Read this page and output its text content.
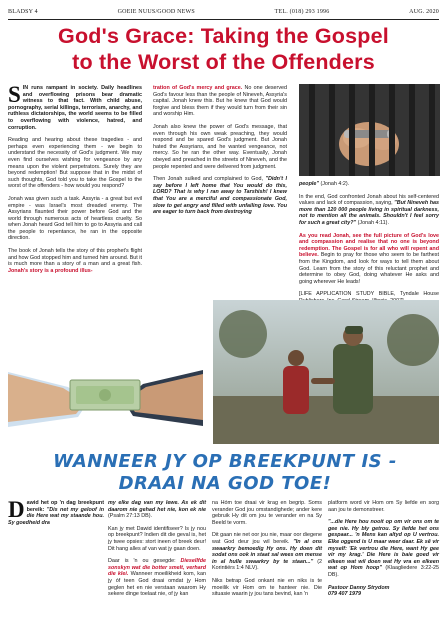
BLADSY 4	GOEIE NUUS/GOOD NEWS	TEL. (018) 293 1996	AUG. 2020
God's Grace: Taking the Gospel
to the Worst of the Offenders

SIN runs rampant in society. Daily headlines and overflowing prisons bear dramatic witness to that fact. With child abuse, pornography, serial killings, terrorism, anarchy, and ruthless dictatorships, the world seems to be filled to overflowing with violence, hatred, and corruption.

Reading and hearing about these tragedies - and perhaps even experiencing them - we begin to understand the necessity of God's judgment. We may even find ourselves wishing for vengeance by any means upon the violent perpetrators. Surely they are beyond redemption! But suppose that in the midst of such thoughts, God told you to take the Gospel to the worst of the offenders - how would you respond?

Jonah was given such a task. Assyria - a great but evil empire - was Israel's most dreaded enemy. The Assyrians flaunted their power before God and the world through numerous acts of heartless cruelty. So when Jonah heard God tell him to go to Assyria and call the people to repentance, he ran in the opposite direction.

The book of Jonah tells the story of this prophet's flight and how God stopped him and turned him around. But it is much more than a story of a man and a great fish. Jonah's story is a profound illus-

tration of God's mercy and grace. No one deserved God's favour less than the people of Nineveh, Assyria's capital. Jonah knew this. But he knew that God would forgive and bless them if they would turn from their sin and worship Him.

Jonah also knew the power of God's message, that even through his own weak preaching, they would respond and be spared God's judgment. But Jonah hated the Assyrians, and he wanted vengeance, not mercy. So he ran the other way. Eventually, Jonah obeyed and preached in the streets of Nineveh, and the people repented and were delivered from judgment.

Then Jonah sulked and complained to God, "Didn't I say before I left home that You would do this, LORD? That is why I ran away to Tarshish! I knew that You are a merciful and compassionate God, slow to get angry and filled with unfailing love. You are eager to turn back from destroying

people" (Jonah 4:2).

In the end, God confronted Jonah about his self-centered values and lack of compassion, saying, "But Nineveh has more than 120 000 people living in spiritual darkness, not to mention all the animals. Shouldn't I feel sorry for such a great city?" (Jonah 4:11).

As you read Jonah, see the full picture of God's love and compassion and realise that no one is beyond redemption. The Gospel is for all who will repent and believe. Begin to pray for those who seem to be farthest from the Kingdom, and look for ways to tell them about God. Learn from the story of this reluctant prophet and determine to obey God, doing whatever He asks and going wherever He leads!

[LIFE APPLICATION STUDY BIBLE, Tyndale House

WANNEER JY OP BREEKPUNT IS -
DRAAI NA GOD TOE!

Dawid het op 'n dag breekpunt bereik: "Dis net my geloof in die Here wat my staande hou. Sy goedheid dra

my elke dag van my lewe. As ek dit daarom nie gehad het nie, kon ek nie (Psalm 27:13 DB).

Kan jy met Dawid identifiseer? Is jy nou op breekpunt? Indien dit die geval is, het jy twee opsies: stort ineen of breek deur! Dit hang alles af van wat jy gaan doen.

Daar is 'n ou gesegde: Diesellfde sonskyn wat die botter smelt, verhard die klei. Wanneer moeilikheid kom, kan jy óf teen God draai omdat jy Hom geglen het en nie verstaan waarom Hy sekere dinge toelaat nie, of jy kan

na Hóm toe draai vir krag en begrip. Soms verander God jou omstandighede; ander kere gebruik Hy dit om jou te verander en na Sy Beeld te vorm.

Dit gaan nie net oor jou nie, maar oor diegene wat God deur jou wil bereik. "In al ons swaarkry bemoedig Hy ons. Hy doen dit sodat ons ook in staat sal wees om mense in al hulle swaarkry by te staan..." (2 Korintiërs 1:4 NLV).

Niks betrap God onkant nie en niks is te moeilik vir Hom om te hanteer nie. Die situasie waarin jy jou tans bevind, kan 'n

platform word vir Hom om Sy liefde en sorg aan jou te demonstreer.

"...die Here hou nooit op om vir ons om te gee nie. Hy bly getrou. Sy liefde het ons gespaar... 'n Mens kan altyd op U vertrou. Elke oggend is U maar weer daar. Ek sê vir myself: 'Ek vertrou die Here, want Hy gee vir my krag.' Die Here is baie goed vir elkeen wat wil doen wat Hy vra en elkeen wat op Hom hoop" (Klaagliedere 3:22-25 DB).

Pastoor Danny Strydom

079 407 1979
